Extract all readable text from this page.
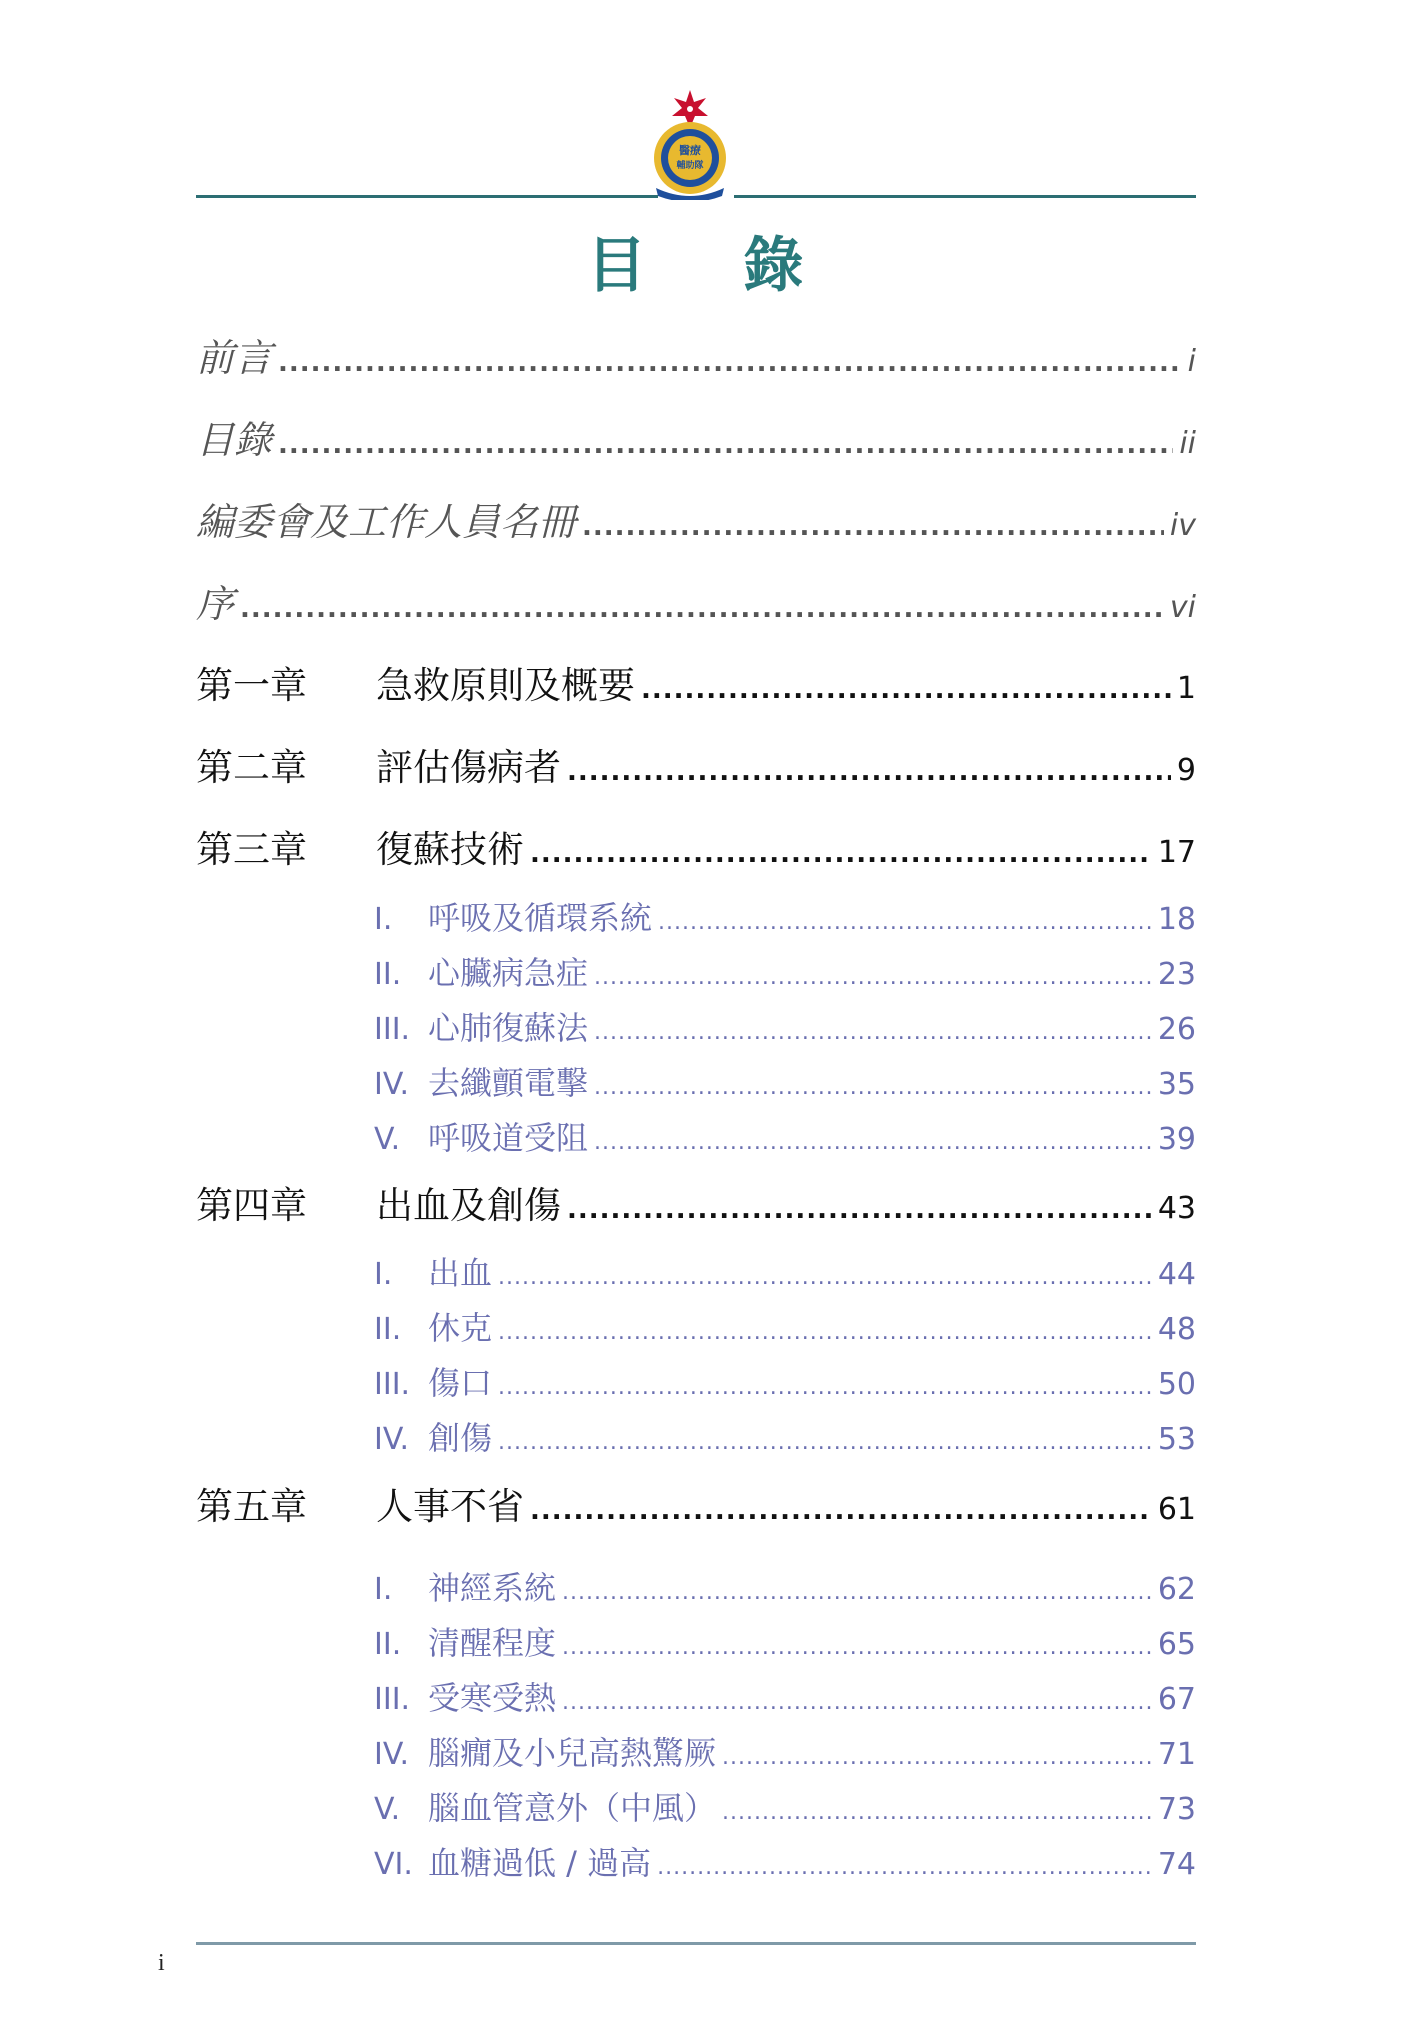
醫療
輔助隊
目 錄
前言 .....	i
目錄 .....	ii
編委會及工作人員名冊 .....	iv
序 .....	vi
第一章	急救原則及概要 .....	1
第二章	評估傷病者 .....	9
第三章	復蘇技術 .....	17
I.	呼吸及循環系統 .....	18
II. 心臟病急症 .....	23
III. 心肺復蘇法 .....	26
IV. 去纖顫電擊 .....	35
V. 呼吸道受阻 .....	39
第四章	出血及創傷 .....	43
I.	出血 .....	44
II. 休克 .....	48
III. 傷口 .....	50
IV. 創傷 .....	53
第五章	人事不省 .....	61
I.	神經系統 .....	62
II. 清醒程度 .....	65
III. 受寒受熱 .....	67
IV. 腦癇及小兒高熱驚厥 .....	71
V. 腦血管意外（中風） .....	73
VI. 血糖過低 / 過高 .....	74
i
